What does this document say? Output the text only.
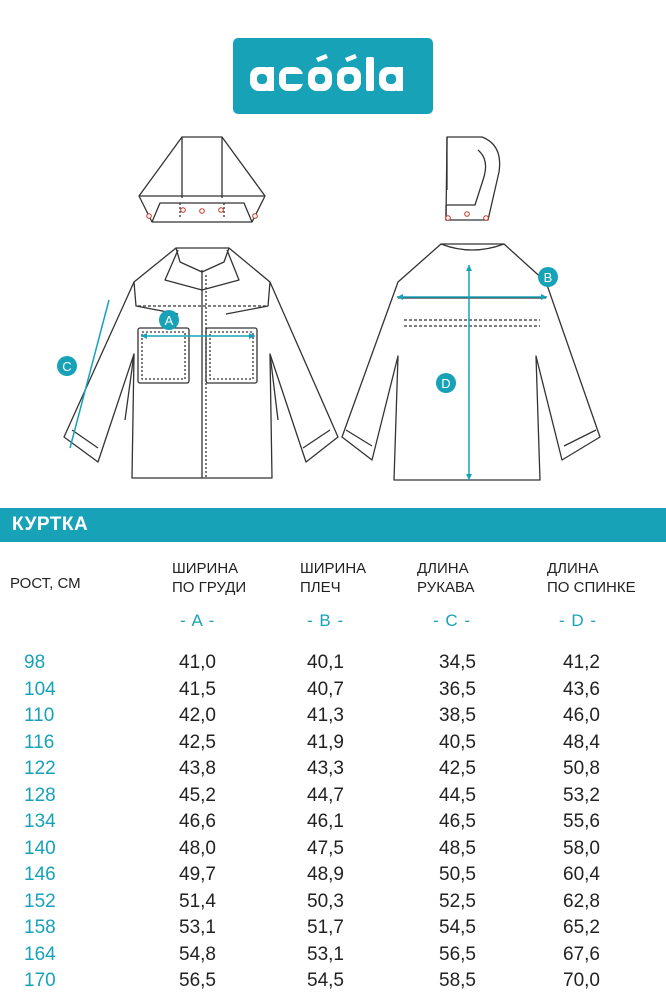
A
B
C
D
КУРТКА
РОСТ, СМ
ШИРИНА
ПО ГРУДИ
ШИРИНА
ПЛЕЧ
ДЛИНА
РУКАВА
ДЛИНА
ПО СПИНКЕ
- A -	- B -	- C -	- D -
98	41,0	40,1	34,5	41,2
104	41,5	40,7	36,5	43,6
110	42,0	41,3	38,5	46,0
116	42,5	41,9	40,5	48,4
122	43,8	43,3	42,5	50,8
128	45,2	44,7	44,5	53,2
134	46,6	46,1	46,5	55,6
140	48,0	47,5	48,5	58,0
146	49,7	48,9	50,5	60,4
152	51,4	50,3	52,5	62,8
158	53,1	51,7	54,5	65,2
164	54,8	53,1	56,5	67,6
170	56,5	54,5	58,5	70,0
